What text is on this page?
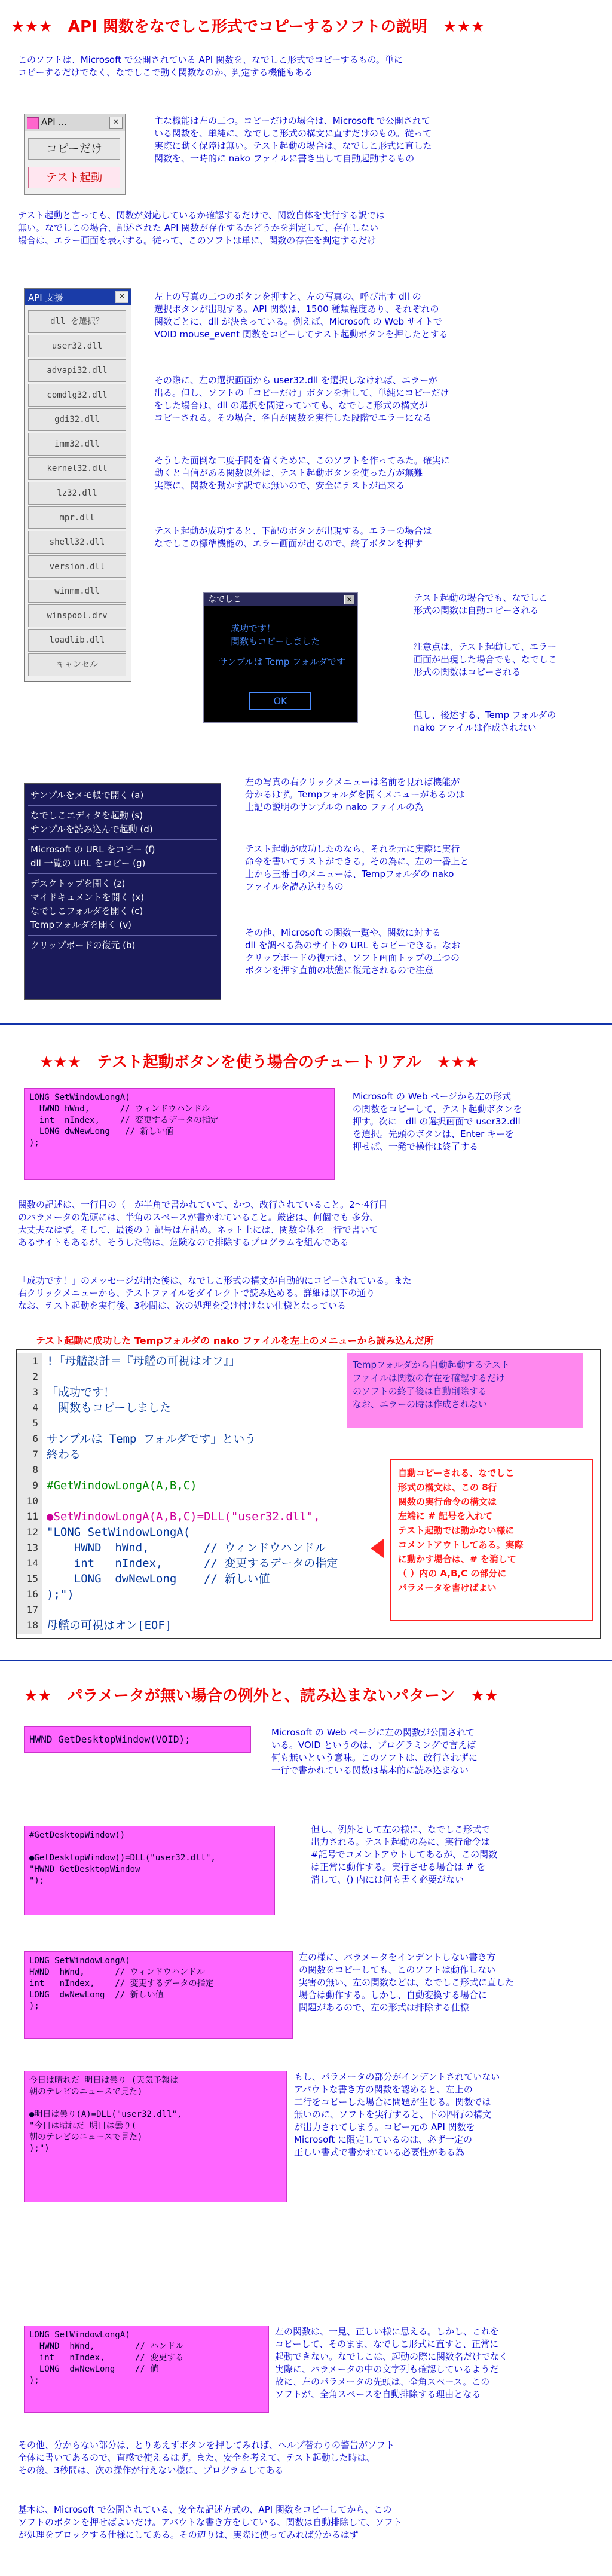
★★★　API 関数をなでしこ形式でコピーするソフトの説明　★★★
このソフトは、Microsoft で公開されている API 関数を、なでしこ形式でコピーするもの。単に
コピーするだけでなく、なでしこで動く関数なのか、判定する機能もある
API ...	✕
コピーだけ
テスト起動
主な機能は左の二つ。コピーだけの場合は、Microsoft で公開されて
いる関数を、単純に、なでしこ形式の構文に直すだけのもの。従って
実際に動く保障は無い。テスト起動の場合は、なでしこ形式に直した
関数を、一時的に nako ファイルに書き出して自動起動するもの
テスト起動と言っても、関数が対応しているか確認するだけで、関数自体を実行する訳では
無い。なでしこの場合、記述された API 関数が存在するかどうかを判定して、存在しない
場合は、エラー画面を表示する。従って、このソフトは単に、関数の存在を判定するだけ
API 支援	✕
dll を選択？
user32.dll
advapi32.dll
comdlg32.dll
gdi32.dll
imm32.dll
kernel32.dll
lz32.dll
mpr.dll
shell32.dll
version.dll
winmm.dll
winspool.drv
loadlib.dll
キャンセル
左上の写真の二つのボタンを押すと、左の写真の、呼び出す dll の
選択ボタンが出現する。API 関数は、1500 種類程度あり、それぞれの
関数ごとに、dll が決まっている。例えば、Microsoft の Web サイトで
VOID mouse_event 関数をコピーしてテスト起動ボタンを押したとする
その際に、左の選択画面から user32.dll を選択しなければ、エラーが
出る。但し、ソフトの「コピーだけ」ボタンを押して、単純にコピーだけ
をした場合は、dll の選択を間違っていても、なでしこ形式の構文が
コピーされる。その場合、各自が関数を実行した段階でエラーになる
そうした面倒な二度手間を省くために、このソフトを作ってみた。確実に
動くと自信がある関数以外は、テスト起動ボタンを使った方が無難
実際に、関数を動かす訳では無いので、安全にテストが出来る
テスト起動が成功すると、下記のボタンが出現する。エラーの場合は
なでしこの標準機能の、エラー画面が出るので、終了ボタンを押す
なでしこ	✕
成功です！
関数もコピーしました
サンプルは Temp フォルダです
OK
テスト起動の場合でも、なでしこ
形式の関数は自動コピーされる
注意点は、テスト起動して、エラー
画面が出現した場合でも、なでしこ
形式の関数はコピーされる
但し、後述する、Temp フォルダの
nako ファイルは作成されない
サンプルをメモ帳で開く (a)
なでしこエディタを起動 (s)
サンプルを読み込んで起動 (d)
Microsoft の URL をコピー (f)
dll 一覧の URL をコピー (g)
デスクトップを開く (z)
マイドキュメントを開く (x)
なでしこフォルダを開く (c)
Tempフォルダを開く (v)
クリップボードの復元 (b)
左の写真の右クリックメニューは名前を見れば機能が
分かるはず。Tempフォルダを開くメニューがあるのは
上記の説明のサンプルの nako ファイルの為
テスト起動が成功したのなら、それを元に実際に実行
命令を書いてテストができる。その為に、左の一番上と
上から三番目のメニューは、Tempフォルダの nako
ファイルを読み込むもの
その他、Microsoft の関数一覧や、関数に対する
dll を調べる為のサイトの URL もコピーできる。なお
クリップボードの復元は、ソフト画面トップの二つの
ボタンを押す直前の状態に復元されるので注意
★★★　テスト起動ボタンを使う場合のチュートリアル　★★★
LONG SetWindowLongA(
HWND hWnd,      // ウィンドウハンドル
int  nIndex,    // 変更するデータの指定
LONG dwNewLong   // 新しい値
);
Microsoft の Web ページから左の形式
の関数をコピーして、テスト起動ボタンを
押す。次に　dll の選択画面で user32.dll
を選択。先頭のボタンは、Enter キーを
押せば、一発で操作は終了する
関数の記述は、一行目の（　が半角で書かれていて、かつ、改行されていること。2〜4行目
のパラメータの先頭には、半角のスペースが書かれていること。厳密は、何個でも 多分、
大丈夫なはず。そして、最後の ）記号は左詰め。ネット上には、関数全体を一行で書いて
あるサイトもあるが、そうした物は、危険なので排除するプログラムを組んである
「成功です！」のメッセージが出た後は、なでしこ形式の構文が自動的にコピーされている。また
右クリックメニューから、テストファイルをダイレクトで読み込める。詳細は以下の通り
なお、テスト起動を実行後、3秒間は、次の処理を受け付けない仕様となっている
テスト起動に成功した Tempフォルダの nako ファイルを左上のメニューから読み込んだ所
1
2
3
4
5
6
7
8
9
10
11
12
13
14
15
16
17
18
!「母艦設計＝『母艦の可視はオフ』」
「成功です！
　関数もコピーしました
サンプルは Temp フォルダです」という
終わる
#GetWindowLongA(A,B,C)
●SetWindowLongA(A,B,C)=DLL("user32.dll",
"LONG SetWindowLongA(
HWND  hWnd,        // ウィンドウハンドル
int   nIndex,      // 変更するデータの指定
LONG  dwNewLong    // 新しい値
);")
母艦の可視はオン[EOF]
Tempフォルダから自動起動するテスト
ファイルは関数の存在を確認するだけ
のソフトの終了後は自動削除する
なお、エラーの時は作成されない
自動コピーされる、なでしこ
形式の構文は、この 8行
関数の実行命令の構文は
左端に # 記号を入れて
テスト起動では動かない様に
コメントアウトしてある。実際
に動かす場合は、# を消して
（ ）内の A,B,C の部分に
パラメータを書けばよい
★★　パラメータが無い場合の例外と、読み込まないパターン　★★
HWND GetDesktopWindow(VOID);
Microsoft の Web ページに左の関数が公開されて
いる。VOID というのは、プログラミングで言えば
何も無いという意味。このソフトは、改行されずに
一行で書かれている関数は基本的に読み込まない
#GetDesktopWindow()

●GetDesktopWindow()=DLL("user32.dll",
"HWND GetDesktopWindow
");
但し、例外として左の様に、なでしこ形式で
出力される。テスト起動の為に、実行命令は
#記号でコメントアウトしてあるが、この関数
は正常に動作する。実行させる場合は # を
消して、() 内には何も書く必要がない
LONG SetWindowLongA(
HWND  hWnd,      // ウィンドウハンドル
int   nIndex,    // 変更するデータの指定
LONG  dwNewLong  // 新しい値
);
左の様に、パラメータをインデントしない書き方
の関数をコピーしても、このソフトは動作しない
実害の無い、左の関数などは、なでしこ形式に直した
場合は動作する。しかし、自動変換する場合に
問題があるので、左の形式は排除する仕様
今日は晴れだ 明日は曇り (天気予報は
朝のテレビのニュースで見た)

●明日は曇り(A)=DLL("user32.dll",
"今日は晴れだ 明日は曇り(
朝のテレビのニュースで見た)
);")
もし、パラメータの部分がインデントされていない
アバウトな書き方の関数を認めると、左上の
二行をコピーした場合に問題が生じる。関数では
無いのに、ソフトを実行すると、下の四行の構文
が出力されてしまう。コピー元の API 関数を
Microsoft に限定しているのは、必ず一定の
正しい書式で書かれている必要性がある為
LONG SetWindowLongA(
HWND  hWnd,        // ハンドル
int   nIndex,      // 変更する
LONG  dwNewLong    // 値
);
左の関数は、一見、正しい様に思える。しかし、これを
コピーして、そのまま、なでしこ形式に直すと、正常に
起動できない。なでしこは、起動の際に関数名だけでなく
実際に、パラメータの中の文字列も確認しているようだ
故に、左のパラメータの先頭は、全角スペース。この
ソフトが、全角スペースを自動排除する理由となる
その他、分からない部分は、とりあえずボタンを押してみれば、ヘルプ替わりの警告がソフト
全体に書いてあるので、直感で使えるはず。また、安全を考えて、テスト起動した時は、
その後、3秒間は、次の操作が行えない様に、プログラムしてある
基本は、Microsoft で公開されている、安全な記述方式の、API 関数をコピーしてから、この
ソフトのボタンを押せばよいだけ。アバウトな書き方をしている、関数は自動排除して、ソフト
が処理をブロックする仕様にしてある。その辺りは、実際に使ってみれば分かるはず
